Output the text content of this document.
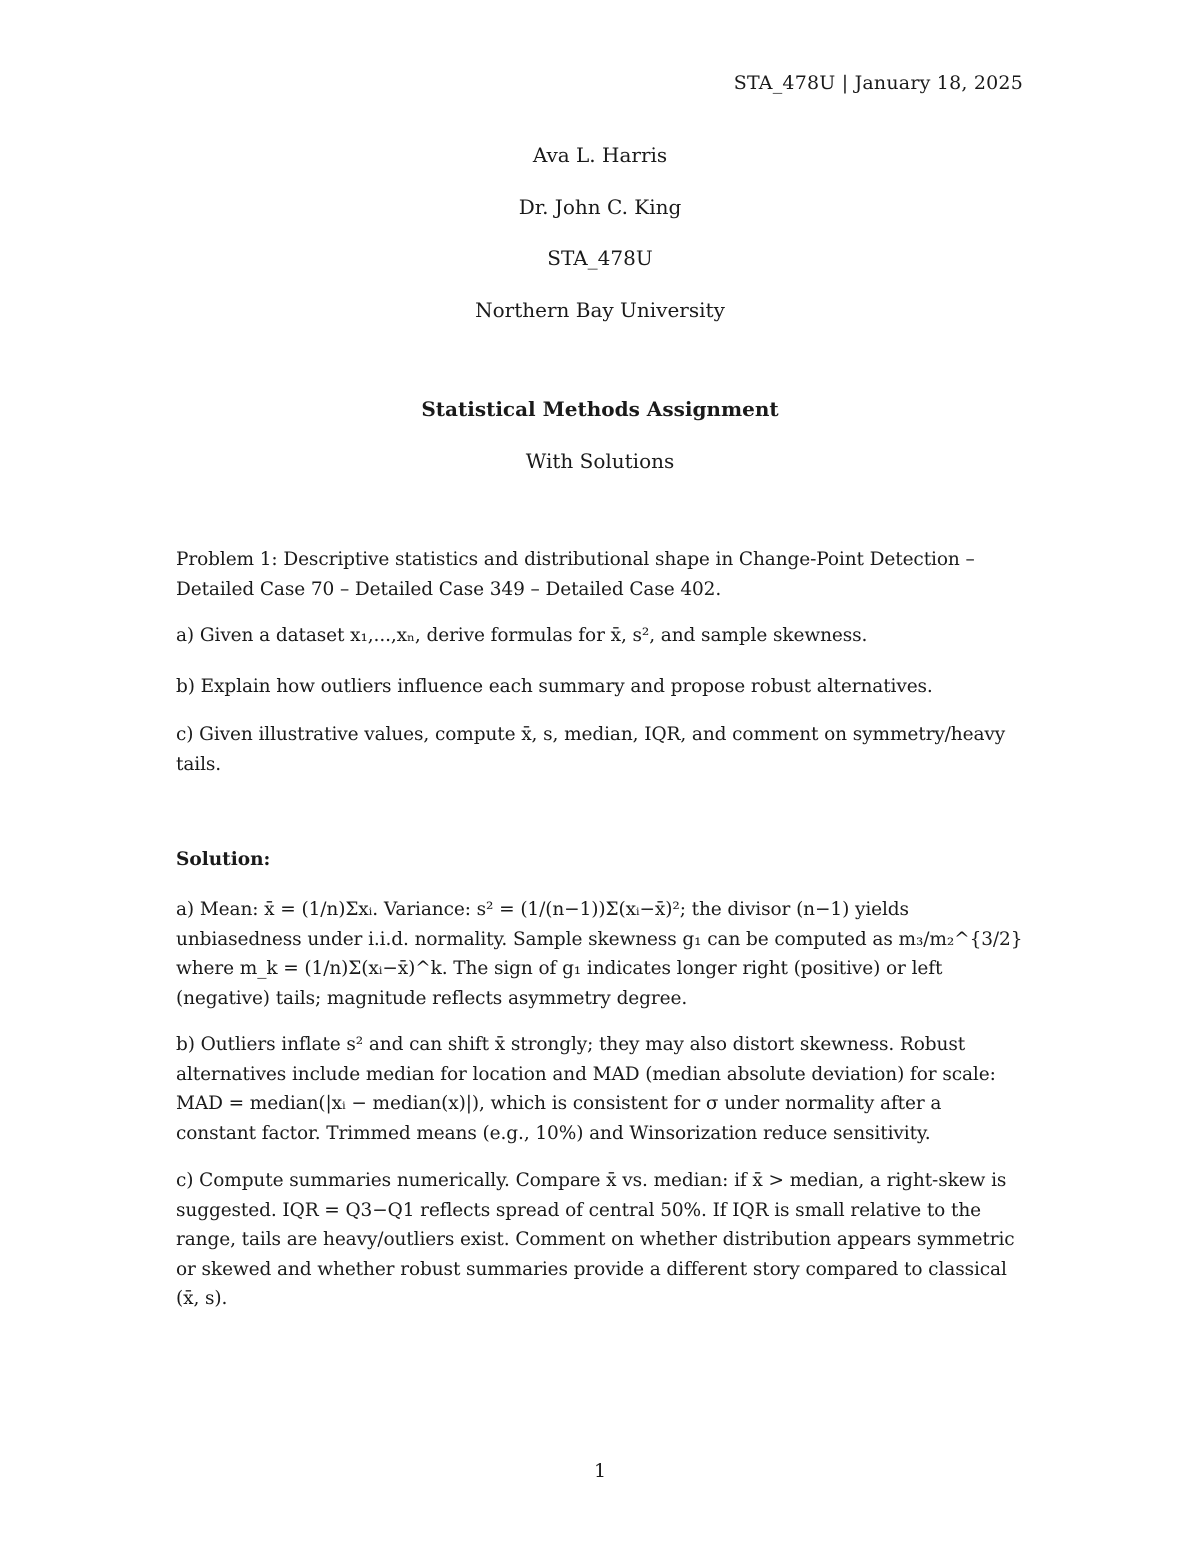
STA_478U | January 18, 2025

Ava L. Harris

Dr. John C. King

STA_478U

Northern Bay University

Statistical Methods Assignment

With Solutions

Problem 1: Descriptive statistics and distributional shape in Change-Point Detection – Detailed Case 70 – Detailed Case 349 – Detailed Case 402.

a) Given a dataset x₁,...,xₙ, derive formulas for x̄, s², and sample skewness.

b) Explain how outliers influence each summary and propose robust alternatives.

c) Given illustrative values, compute x̄, s, median, IQR, and comment on symmetry/heavy tails.

Solution:

a) Mean: x̄ = (1/n)Σxᵢ. Variance: s² = (1/(n−1))Σ(xᵢ−x̄)²; the divisor (n−1) yields unbiasedness under i.i.d. normality. Sample skewness g₁ can be computed as m₃/m₂^{3/2} where m_k = (1/n)Σ(xᵢ−x̄)^k. The sign of g₁ indicates longer right (positive) or left (negative) tails; magnitude reflects asymmetry degree.

b) Outliers inflate s² and can shift x̄ strongly; they may also distort skewness. Robust alternatives include median for location and MAD (median absolute deviation) for scale: MAD = median(|xᵢ − median(x)|), which is consistent for σ under normality after a constant factor. Trimmed means (e.g., 10%) and Winsorization reduce sensitivity.

c) Compute summaries numerically. Compare x̄ vs. median: if x̄ > median, a right-skew is suggested. IQR = Q3−Q1 reflects spread of central 50%. If IQR is small relative to the range, tails are heavy/outliers exist. Comment on whether distribution appears symmetric or skewed and whether robust summaries provide a different story compared to classical (x̄, s).

1
